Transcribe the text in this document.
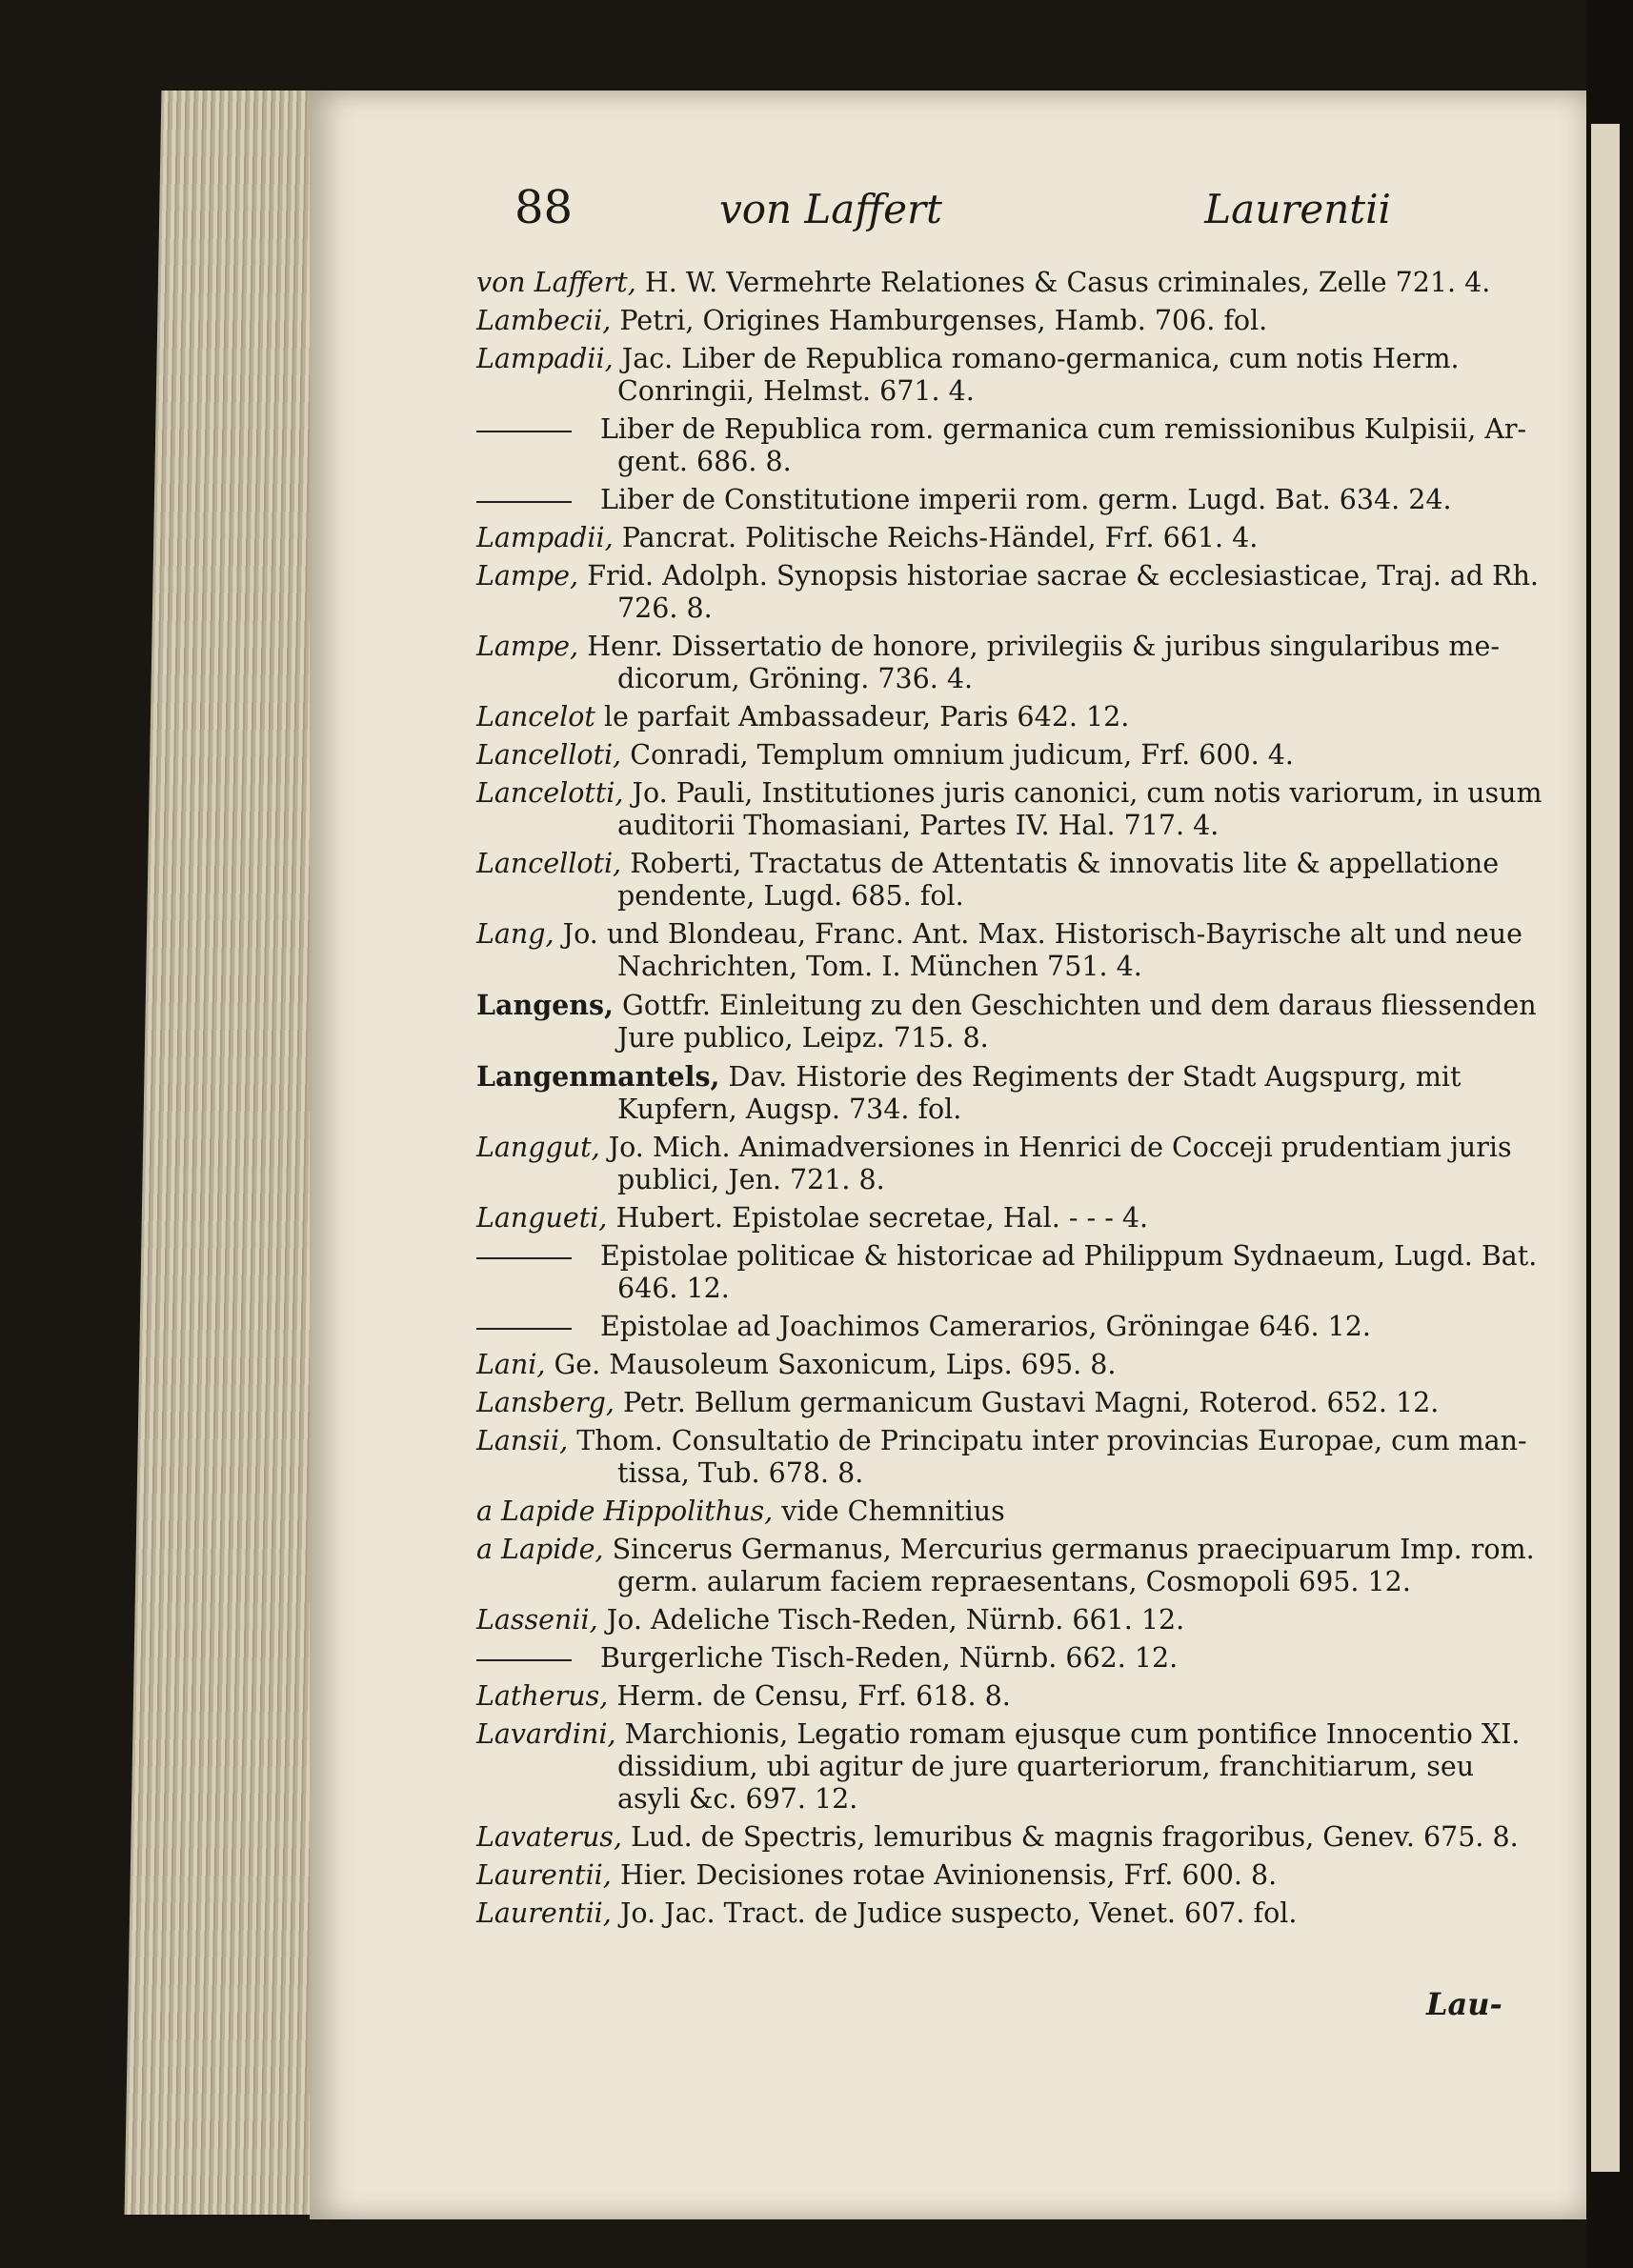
88	von Laffert	Laurentii
von Laffert, H. W. Vermehrte Relationes & Casus criminales, Zelle 721. 4.
Lambecii, Petri, Origines Hamburgenses, Hamb. 706. fol.
Lampadii, Jac. Liber de Republica romano-germanica, cum notis Herm.
Conringii, Helmst. 671. 4.
Liber de Republica rom. germanica cum remissionibus Kulpisii, Ar-
gent. 686. 8.
Liber de Constitutione imperii rom. germ. Lugd. Bat. 634. 24.
Lampadii, Pancrat. Politische Reichs-Händel, Frf. 661. 4.
Lampe, Frid. Adolph. Synopsis historiae sacrae & ecclesiasticae, Traj. ad Rh.
726. 8.
Lampe, Henr. Dissertatio de honore, privilegiis & juribus singularibus me-
dicorum, Gröning. 736. 4.
Lancelot le parfait Ambassadeur, Paris 642. 12.
Lancelloti, Conradi, Templum omnium judicum, Frf. 600. 4.
Lancelotti, Jo. Pauli, Institutiones juris canonici, cum notis variorum, in usum
auditorii Thomasiani, Partes IV. Hal. 717. 4.
Lancelloti, Roberti, Tractatus de Attentatis & innovatis lite & appellatione
pendente, Lugd. 685. fol.
Lang, Jo. und Blondeau, Franc. Ant. Max. Historisch-Bayrische alt und neue
Nachrichten, Tom. I. München 751. 4.
Langens, Gottfr. Einleitung zu den Geschichten und dem daraus fliessenden
Jure publico, Leipz. 715. 8.
Langenmantels, Dav. Historie des Regiments der Stadt Augspurg, mit
Kupfern, Augsp. 734. fol.
Langgut, Jo. Mich. Animadversiones in Henrici de Cocceji prudentiam juris
publici, Jen. 721. 8.
Langueti, Hubert. Epistolae secretae, Hal. - - - 4.
Epistolae politicae & historicae ad Philippum Sydnaeum, Lugd. Bat.
646. 12.
Epistolae ad Joachimos Camerarios, Gröningae 646. 12.
Lani, Ge. Mausoleum Saxonicum, Lips. 695. 8.
Lansberg, Petr. Bellum germanicum Gustavi Magni, Roterod. 652. 12.
Lansii, Thom. Consultatio de Principatu inter provincias Europae, cum man-
tissa, Tub. 678. 8.
a Lapide Hippolithus, vide Chemnitius
a Lapide, Sincerus Germanus, Mercurius germanus praecipuarum Imp. rom.
germ. aularum faciem repraesentans, Cosmopoli 695. 12.
Lassenii, Jo. Adeliche Tisch-Reden, Nürnb. 661. 12.
Burgerliche Tisch-Reden, Nürnb. 662. 12.
Latherus, Herm. de Censu, Frf. 618. 8.
Lavardini, Marchionis, Legatio romam ejusque cum pontifice Innocentio XI.
dissidium, ubi agitur de jure quarteriorum, franchitiarum, seu
asyli &c. 697. 12.
Lavaterus, Lud. de Spectris, lemuribus & magnis fragoribus, Genev. 675. 8.
Laurentii, Hier. Decisiones rotae Avinionensis, Frf. 600. 8.
Laurentii, Jo. Jac. Tract. de Judice suspecto, Venet. 607. fol.
Lau-
